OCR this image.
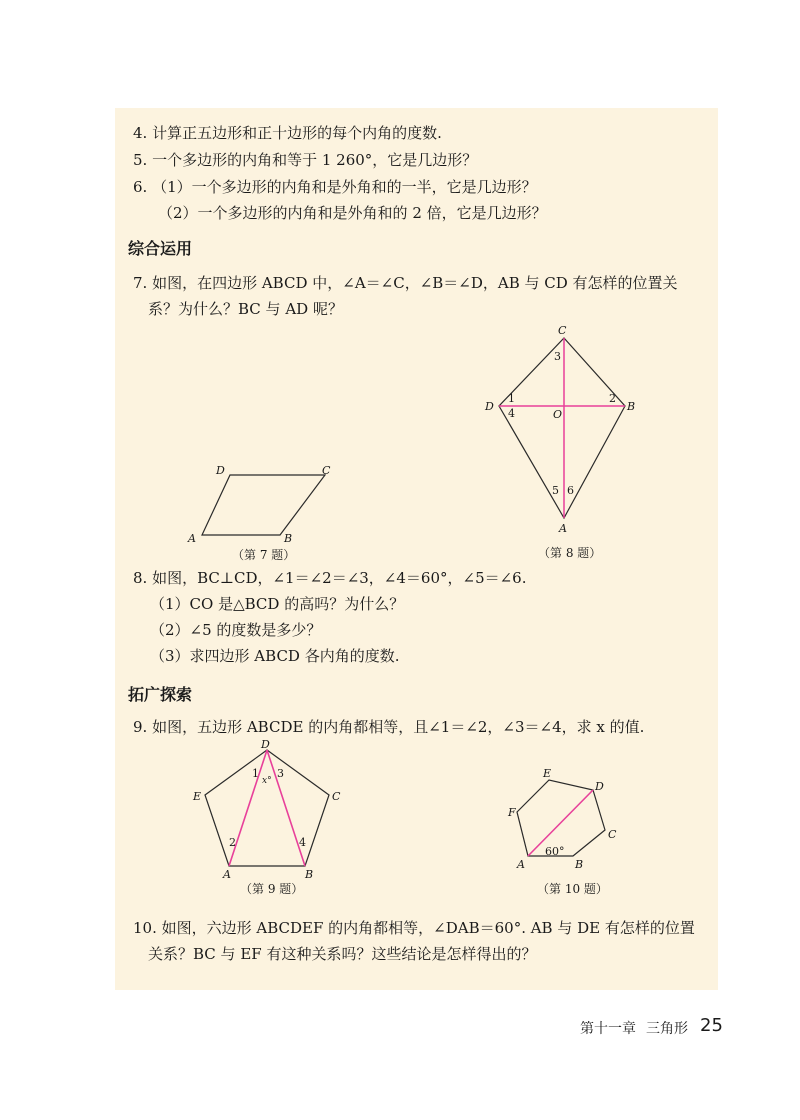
4. 计算正五边形和正十边形的每个内角的度数.
5. 一个多边形的内角和等于 1 260°，它是几边形？
6. （1）一个多边形的内角和是外角和的一半，它是几边形？
（2）一个多边形的内角和是外角和的 2 倍，它是几边形？
综合运用
7. 如图，在四边形 ABCD 中，∠A＝∠C，∠B＝∠D，AB 与 CD 有怎样的位置关
系？为什么？BC 与 AD 呢？
A	B
C
D
（第 7 题）
C
B
A
D
O
1	2
3
4
5 6
（第 8 题）
8. 如图，BC⊥CD，∠1＝∠2＝∠3，∠4＝60°，∠5＝∠6.
（1）CO 是△BCD 的高吗？为什么？
（2）∠5 的度数是多少？
（3）求四边形 ABCD 各内角的度数.
拓广探索
9. 如图，五边形 ABCDE 的内角都相等，且∠1＝∠2，∠3＝∠4，求 x 的值.
D
C
B
A
E
1 3
x°
2	4
（第 9 题）
A	B
C
D
E
F
60°
（第 10 题）
10. 如图，六边形 ABCDEF 的内角都相等，∠DAB＝60°. AB 与 DE 有怎样的位置
关系？BC 与 EF 有这种关系吗？这些结论是怎样得出的？
第十一章 三角形 25
